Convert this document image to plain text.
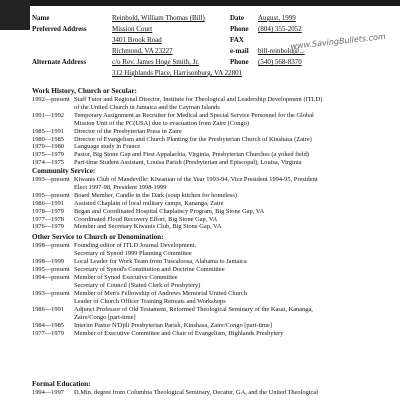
Name	Reinbold, William Thomas (Bill)	Date August, 1999
Preferred Address	Mission Court	Phone (804) 355-2052
3401 Brook Road	FAX
Richmond, VA 23227	e-mail bill-reinbold@...
www.SavingBullets.com
Alternate Address	c/o Rev. James Hoge Smith, Jr.	Phone (540) 568-8370
312 Highlands Place, Harrisonburg, VA 22801
Work History, Church or Secular:
1992—present Staff Tutor and Regional Director, Institute for Theological and Leadership Development (ITLD)
of the United Church in Jamaica and the Cayman Islands
1991—1992 Temporary Assignment as Recruiter for Medical and Special Service Personnel for the Global
Mission Unit of the PC(USA) due to evacuation from Zaire (Congo)
1985—1991 Director of the Presbyterian Press in Zaire
1980—1985 Director of Evangelism and Church Planting for the Presbyterian Church of Kinshasa (Zaire)
1979—1980 Language study in France
1975—1979 Pastor, Big Stone Gap and First Appalachia, Virginia, Presbyterian Churches (a yoked field)
1974—1975 Part-time Student Assistant, Louisa Parish (Presbyterian and Episcopal), Louisa, Virginia
Community Service:
1993—present Kiwanis Club of Mandeville: Kiwanian of the Year 1993-94, Vice President 1994-95, President
Elect 1997-98, President 1998-1999
1995—present Board Member, Candle in the Dark (soup kitchen for homeless)
1986—1991 Assisted Chaplain of local military camps, Kananga, Zaire
1978—1979 Began and Coordinated Hospital Chaplaincy Program, Big Stone Gap, VA
1977—1978 Coordinated Flood Recovery Effort, Big Stone Gap, VA
1976—1979 Member and Secretary Kiwanis Club, Big Stone Gap, VA
Other Service to Church or Denomination:
1998—present Founding editor of ITLD Journal Development.
Secretary of Synod 1999 Planning Committee
1998—1999 Local Leader for Work Team from Tuscaloosa, Alabama to Jamaica
1995—present Secretary of Synod's Constitution and Doctrine Committee
1994—present Member of Synod Executive Committee
Secretary of Council (Stated Clerk of Presbytery)
1993—present Member of Men's Fellowship of Andrews Memorial United Church
Leader of Church Officer Training Retreats and Workshops
1986—1991 Adjunct Professor of Old Testament, Reformed Theological Seminary of the Kasai, Kananga,
Zaire/Congo [part-time]
1984—1985 Interim Pastor N'Djili Presbyterian Parish, Kinshasa, Zaire/Congo [part-time]
1977—1979 Member of Executive Committee and Chair of Evangelism, Highlands Presbytery
Formal Education:
1994—1997 D.Min. degree from Columbia Theological Seminary, Decatur, GA, and the United Theological
